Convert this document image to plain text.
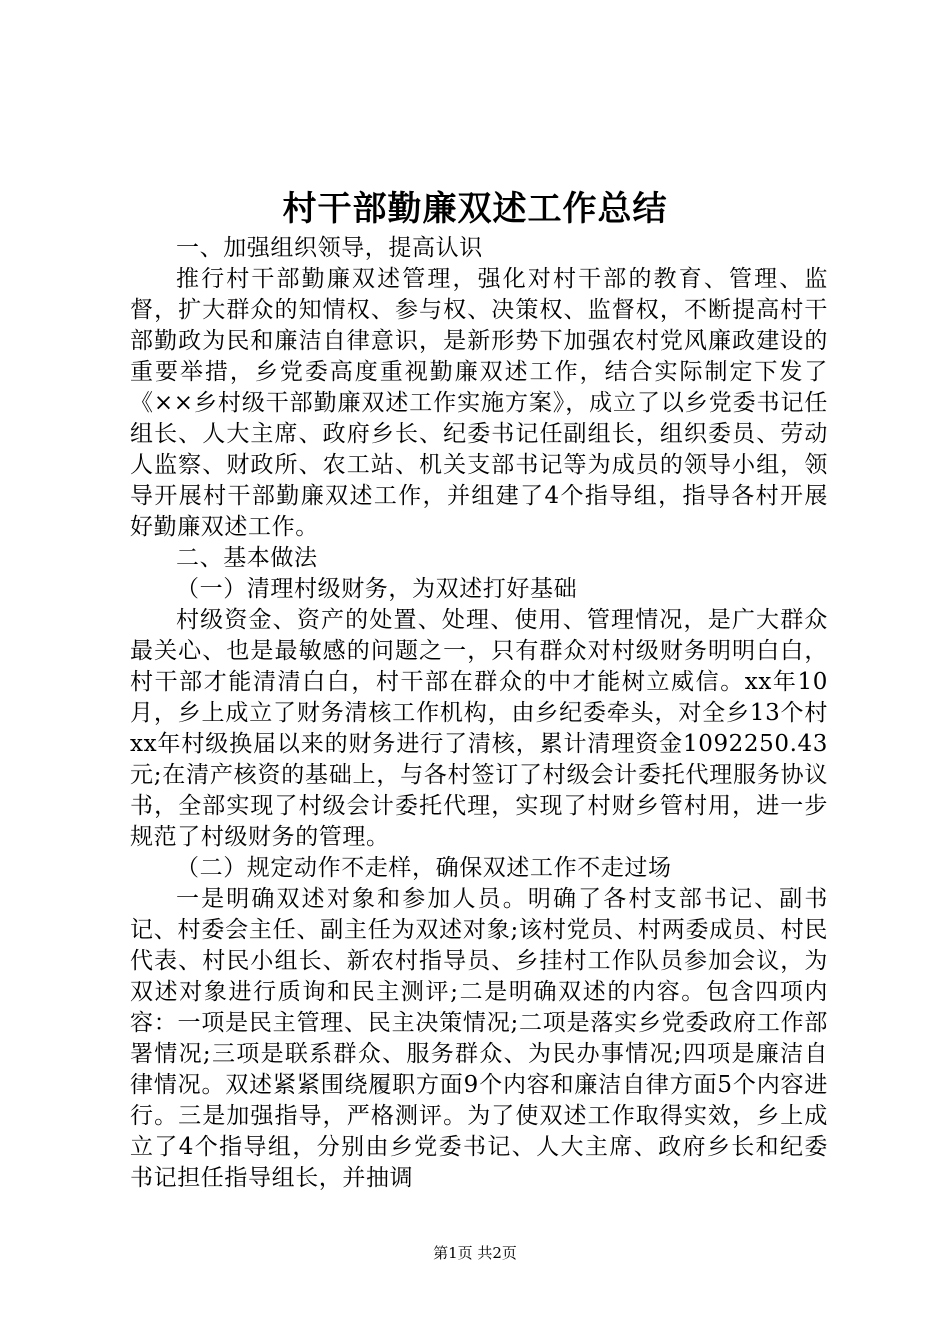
村干部勤廉双述工作总结

一、加强组织领导，提高认识

推行村干部勤廉双述管理，强化对村干部的教育、管理、监督，扩大群众的知情权、参与权、决策权、监督权，不断提高村干部勤政为民和廉洁自律意识，是新形势下加强农村党风廉政建设的重要举措，乡党委高度重视勤廉双述工作，结合实际制定下发了《××乡村级干部勤廉双述工作实施方案》，成立了以乡党委书记任组长、人大主席、政府乡长、纪委书记任副组长，组织委员、劳动人监察、财政所、农工站、机关支部书记等为成员的领导小组，领导开展村干部勤廉双述工作，并组建了4个指导组，指导各村开展好勤廉双述工作。

二、基本做法

（一）清理村级财务，为双述打好基础

村级资金、资产的处置、处理、使用、管理情况，是广大群众最关心、也是最敏感的问题之一，只有群众对村级财务明明白白，村干部才能清清白白，村干部在群众的中才能树立威信。xx年10月，乡上成立了财务清核工作机构，由乡纪委牵头，对全乡13个村xx年村级换届以来的财务进行了清核，累计清理资金1092250.43元;在清产核资的基础上，与各村签订了村级会计委托代理服务协议书，全部实现了村级会计委托代理，实现了村财乡管村用，进一步规范了村级财务的管理。

（二）规定动作不走样，确保双述工作不走过场

一是明确双述对象和参加人员。明确了各村支部书记、副书记、村委会主任、副主任为双述对象;该村党员、村两委成员、村民代表、村民小组长、新农村指导员、乡挂村工作队员参加会议，为双述对象进行质询和民主测评;二是明确双述的内容。包含四项内容：一项是民主管理、民主决策情况;二项是落实乡党委政府工作部署情况;三项是联系群众、服务群众、为民办事情况;四项是廉洁自律情况。双述紧紧围绕履职方面9个内容和廉洁自律方面5个内容进行。三是加强指导，严格测评。为了使双述工作取得实效，乡上成立了4个指导组，分别由乡党委书记、人大主席、政府乡长和纪委书记担任指导组长，并抽调

第1页 共2页
